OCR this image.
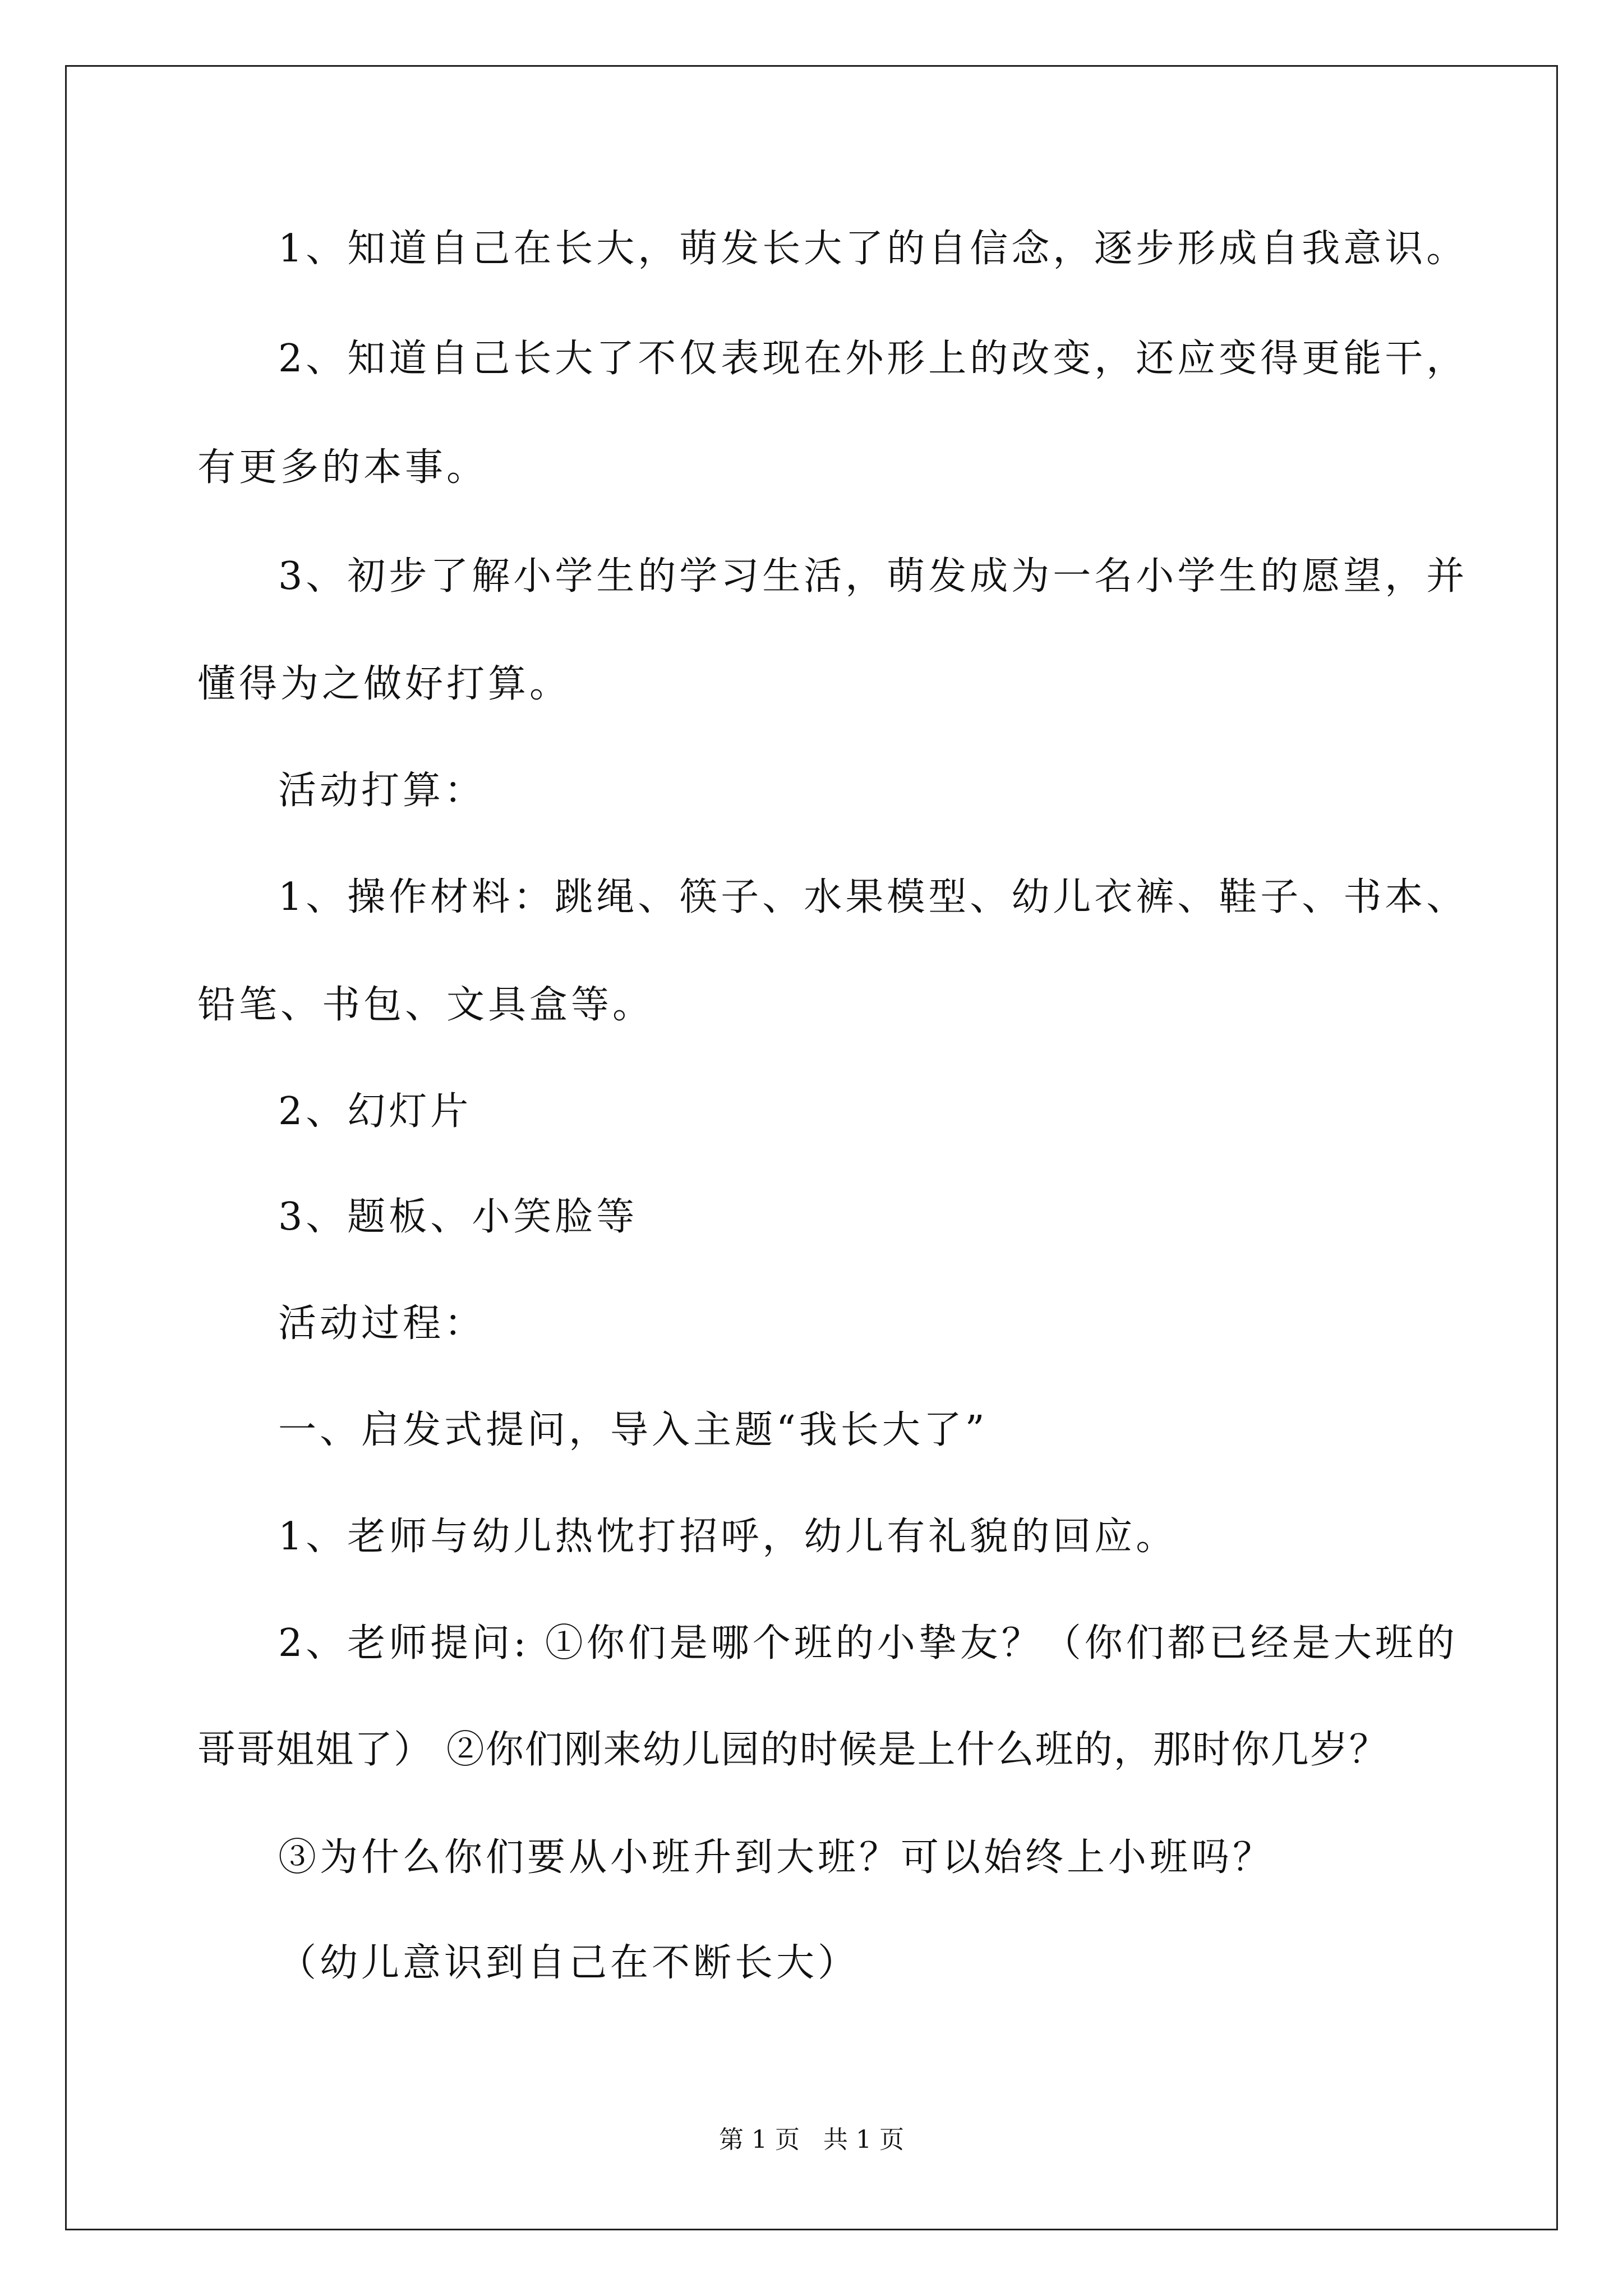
1、知道自己在长大，萌发长大了的自信念，逐步形成自我意识。

2、知道自己长大了不仅表现在外形上的改变，还应变得更能干，

有更多的本事。

3、初步了解小学生的学习生活，萌发成为一名小学生的愿望，并

懂得为之做好打算。

活动打算：

1、操作材料：跳绳、筷子、水果模型、幼儿衣裤、鞋子、书本、

铅笔、书包、文具盒等。

2、幻灯片

3、题板、小笑脸等

活动过程：

一、启发式提问，导入主题“我长大了”

1、老师与幼儿热忱打招呼，幼儿有礼貌的回应。

2、老师提问: ①你们是哪个班的小挚友？（你们都已经是大班的

哥哥姐姐了） ②你们刚来幼儿园的时候是上什么班的，那时你几岁？

③为什么你们要从小班升到大班？可以始终上小班吗？

（幼儿意识到自己在不断长大）

第 1 页   共 1 页
